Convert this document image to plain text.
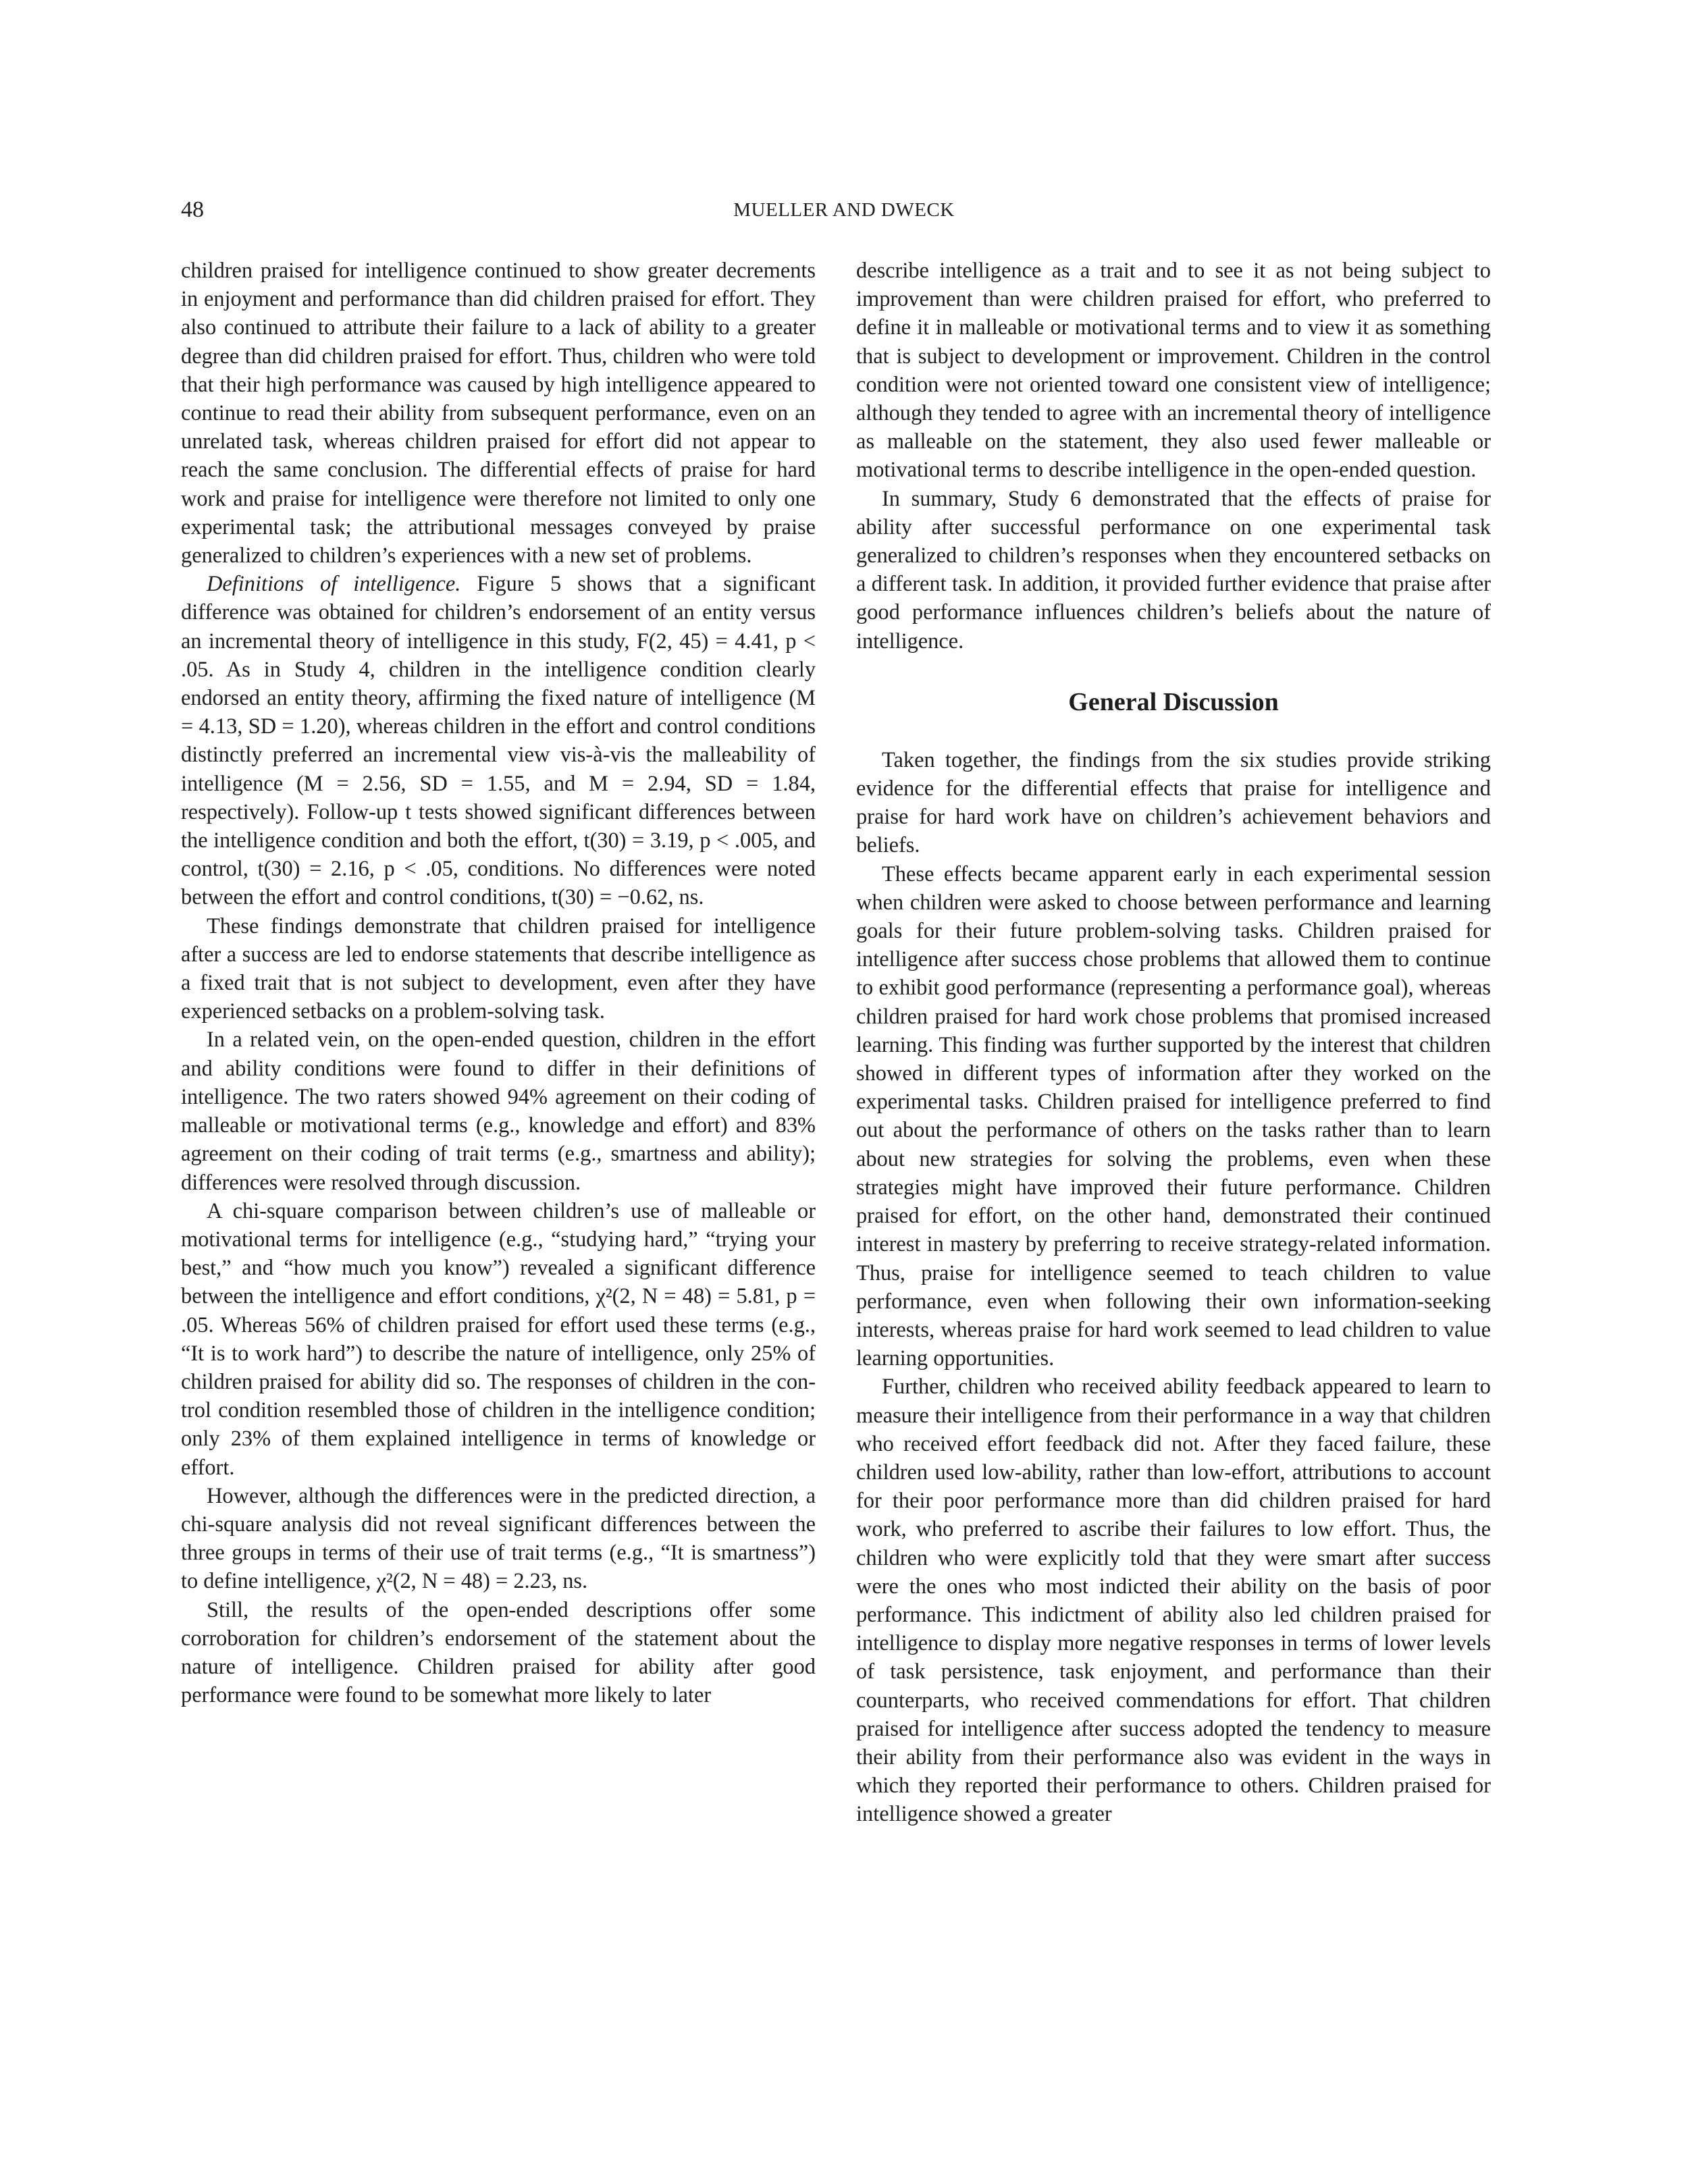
48	MUELLER AND DWECK

children praised for intelligence continued to show greater decrements in enjoyment and performance than did children praised for effort. They also continued to attribute their failure to a lack of ability to a greater degree than did children praised for effort. Thus, children who were told that their high performance was caused by high intelligence appeared to continue to read their ability from subsequent performance, even on an unrelated task, whereas children praised for effort did not appear to reach the same conclusion. The differential effects of praise for hard work and praise for intelligence were therefore not limited to only one experimental task; the attributional messages conveyed by praise generalized to children’s experiences with a new set of problems.

Definitions of intelligence. Figure 5 shows that a significant difference was obtained for children’s endorsement of an entity versus an incremental theory of intelligence in this study, F(2, 45) = 4.41, p < .05. As in Study 4, children in the intelligence condition clearly endorsed an entity theory, affirming the fixed nature of intelligence (M = 4.13, SD = 1.20), whereas children in the effort and control conditions distinctly preferred an incremental view vis-à-vis the malleability of intelligence (M = 2.56, SD = 1.55, and M = 2.94, SD = 1.84, respectively). Follow-up t tests showed significant differences between the intelligence condition and both the effort, t(30) = 3.19, p < .005, and control, t(30) = 2.16, p < .05, conditions. No differences were noted between the effort and control conditions, t(30) = −0.62, ns.

These findings demonstrate that children praised for intelligence after a success are led to endorse statements that describe intelligence as a fixed trait that is not subject to development, even after they have experienced setbacks on a problem-solving task.

In a related vein, on the open-ended question, children in the effort and ability conditions were found to differ in their definitions of intelligence. The two raters showed 94% agreement on their coding of malleable or motivational terms (e.g., knowledge and effort) and 83% agreement on their coding of trait terms (e.g., smartness and ability); differences were resolved through discussion.

A chi-square comparison between children’s use of malleable or motivational terms for intelligence (e.g., “studying hard,” “trying your best,” and “how much you know”) revealed a significant difference between the intelligence and effort conditions, χ²(2, N = 48) = 5.81, p = .05. Whereas 56% of children praised for effort used these terms (e.g., “It is to work hard”) to describe the nature of intelligence, only 25% of children praised for ability did so. The responses of children in the control condition resembled those of children in the intelligence condition; only 23% of them explained intelligence in terms of knowledge or effort.

However, although the differences were in the predicted direction, a chi-square analysis did not reveal significant differences between the three groups in terms of their use of trait terms (e.g., “It is smartness”) to define intelligence, χ²(2, N = 48) = 2.23, ns.

Still, the results of the open-ended descriptions offer some corroboration for children’s endorsement of the statement about the nature of intelligence. Children praised for ability after good performance were found to be somewhat more likely to later

describe intelligence as a trait and to see it as not being subject to improvement than were children praised for effort, who preferred to define it in malleable or motivational terms and to view it as something that is subject to development or improvement. Children in the control condition were not oriented toward one consistent view of intelligence; although they tended to agree with an incremental theory of intelligence as malleable on the statement, they also used fewer malleable or motivational terms to describe intelligence in the open-ended question.

In summary, Study 6 demonstrated that the effects of praise for ability after successful performance on one experimental task generalized to children’s responses when they encountered setbacks on a different task. In addition, it provided further evidence that praise after good performance influences children’s beliefs about the nature of intelligence.

General Discussion

Taken together, the findings from the six studies provide striking evidence for the differential effects that praise for intelligence and praise for hard work have on children’s achievement behaviors and beliefs.

These effects became apparent early in each experimental session when children were asked to choose between performance and learning goals for their future problem-solving tasks. Children praised for intelligence after success chose problems that allowed them to continue to exhibit good performance (representing a performance goal), whereas children praised for hard work chose problems that promised increased learning. This finding was further supported by the interest that children showed in different types of information after they worked on the experimental tasks. Children praised for intelligence preferred to find out about the performance of others on the tasks rather than to learn about new strategies for solving the problems, even when these strategies might have improved their future performance. Children praised for effort, on the other hand, demonstrated their continued interest in mastery by preferring to receive strategy-related information. Thus, praise for intelligence seemed to teach children to value performance, even when following their own information-seeking interests, whereas praise for hard work seemed to lead children to value learning opportunities.

Further, children who received ability feedback appeared to learn to measure their intelligence from their performance in a way that children who received effort feedback did not. After they faced failure, these children used low-ability, rather than low-effort, attributions to account for their poor performance more than did children praised for hard work, who preferred to ascribe their failures to low effort. Thus, the children who were explicitly told that they were smart after success were the ones who most indicted their ability on the basis of poor performance. This indictment of ability also led children praised for intelligence to display more negative responses in terms of lower levels of task persistence, task enjoyment, and performance than their counterparts, who received commendations for effort. That children praised for intelligence after success adopted the tendency to measure their ability from their performance also was evident in the ways in which they reported their performance to others. Children praised for intelligence showed a greater
